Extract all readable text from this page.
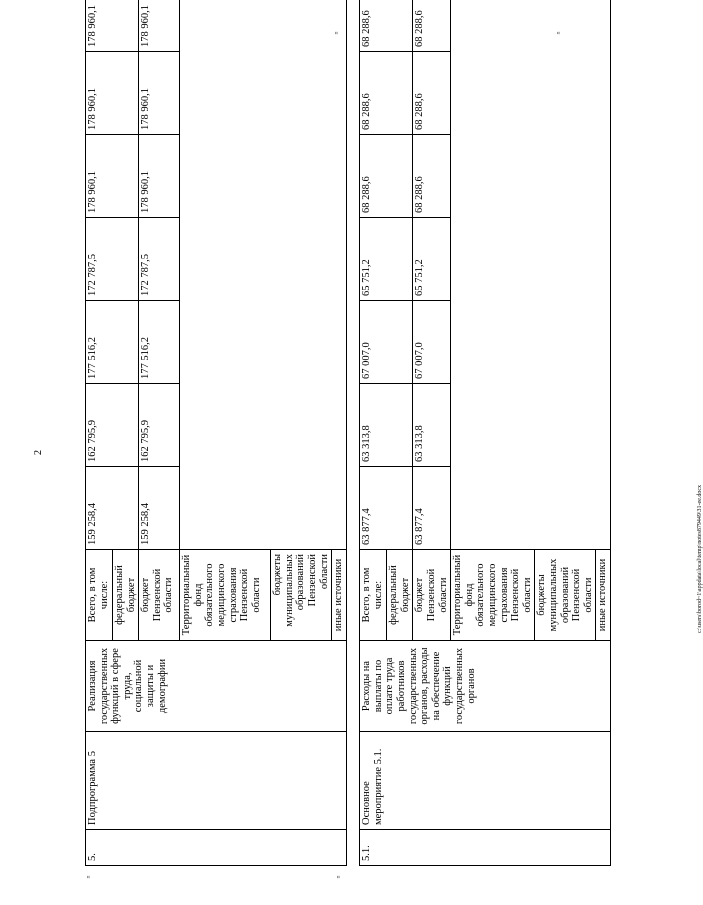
2
¤	¤
¤	¤
5.	Подпрограмма 5	Реализация государственных функций в сфере труда, социальной защиты и демографии	Всего, в том числе:	159 258,4	162 795,9	177 516,2	172 787,5	178 960,1	178 960,1	178 960,1	
			федеральный бюджет								
			бюджет Пензенской области	159 258,4	162 795,9	177 516,2	172 787,5	178 960,1	178 960,1	178 960,1	
			Территориальный фонд обязательного медицинского страхования Пензенской области								
			бюджеты муниципальных образований Пензенской области								
			иные источники								

5.1.	Основное мероприятие 5.1.	Расходы на выплаты по оплате труда работников государственных органов, расходы на обеспечение функций государственных органов	Всего, в том числе:	63 877,4	63 313,8	67 007,0	65 751,2	68 288,6	68 288,6	68 288,6	
			федеральный бюджет								
			бюджет Пензенской области	63 877,4	63 313,8	67 007,0	65 751,2	68 288,6	68 288,6	68 288,6	
			Территориальный фонд обязательного медицинского страхования Пензенской области								
			бюджеты муниципальных образований Пензенской области								
			иные источники									c:\users\borod~1\appdata\local\temp\notes879449\31-ee.docx
